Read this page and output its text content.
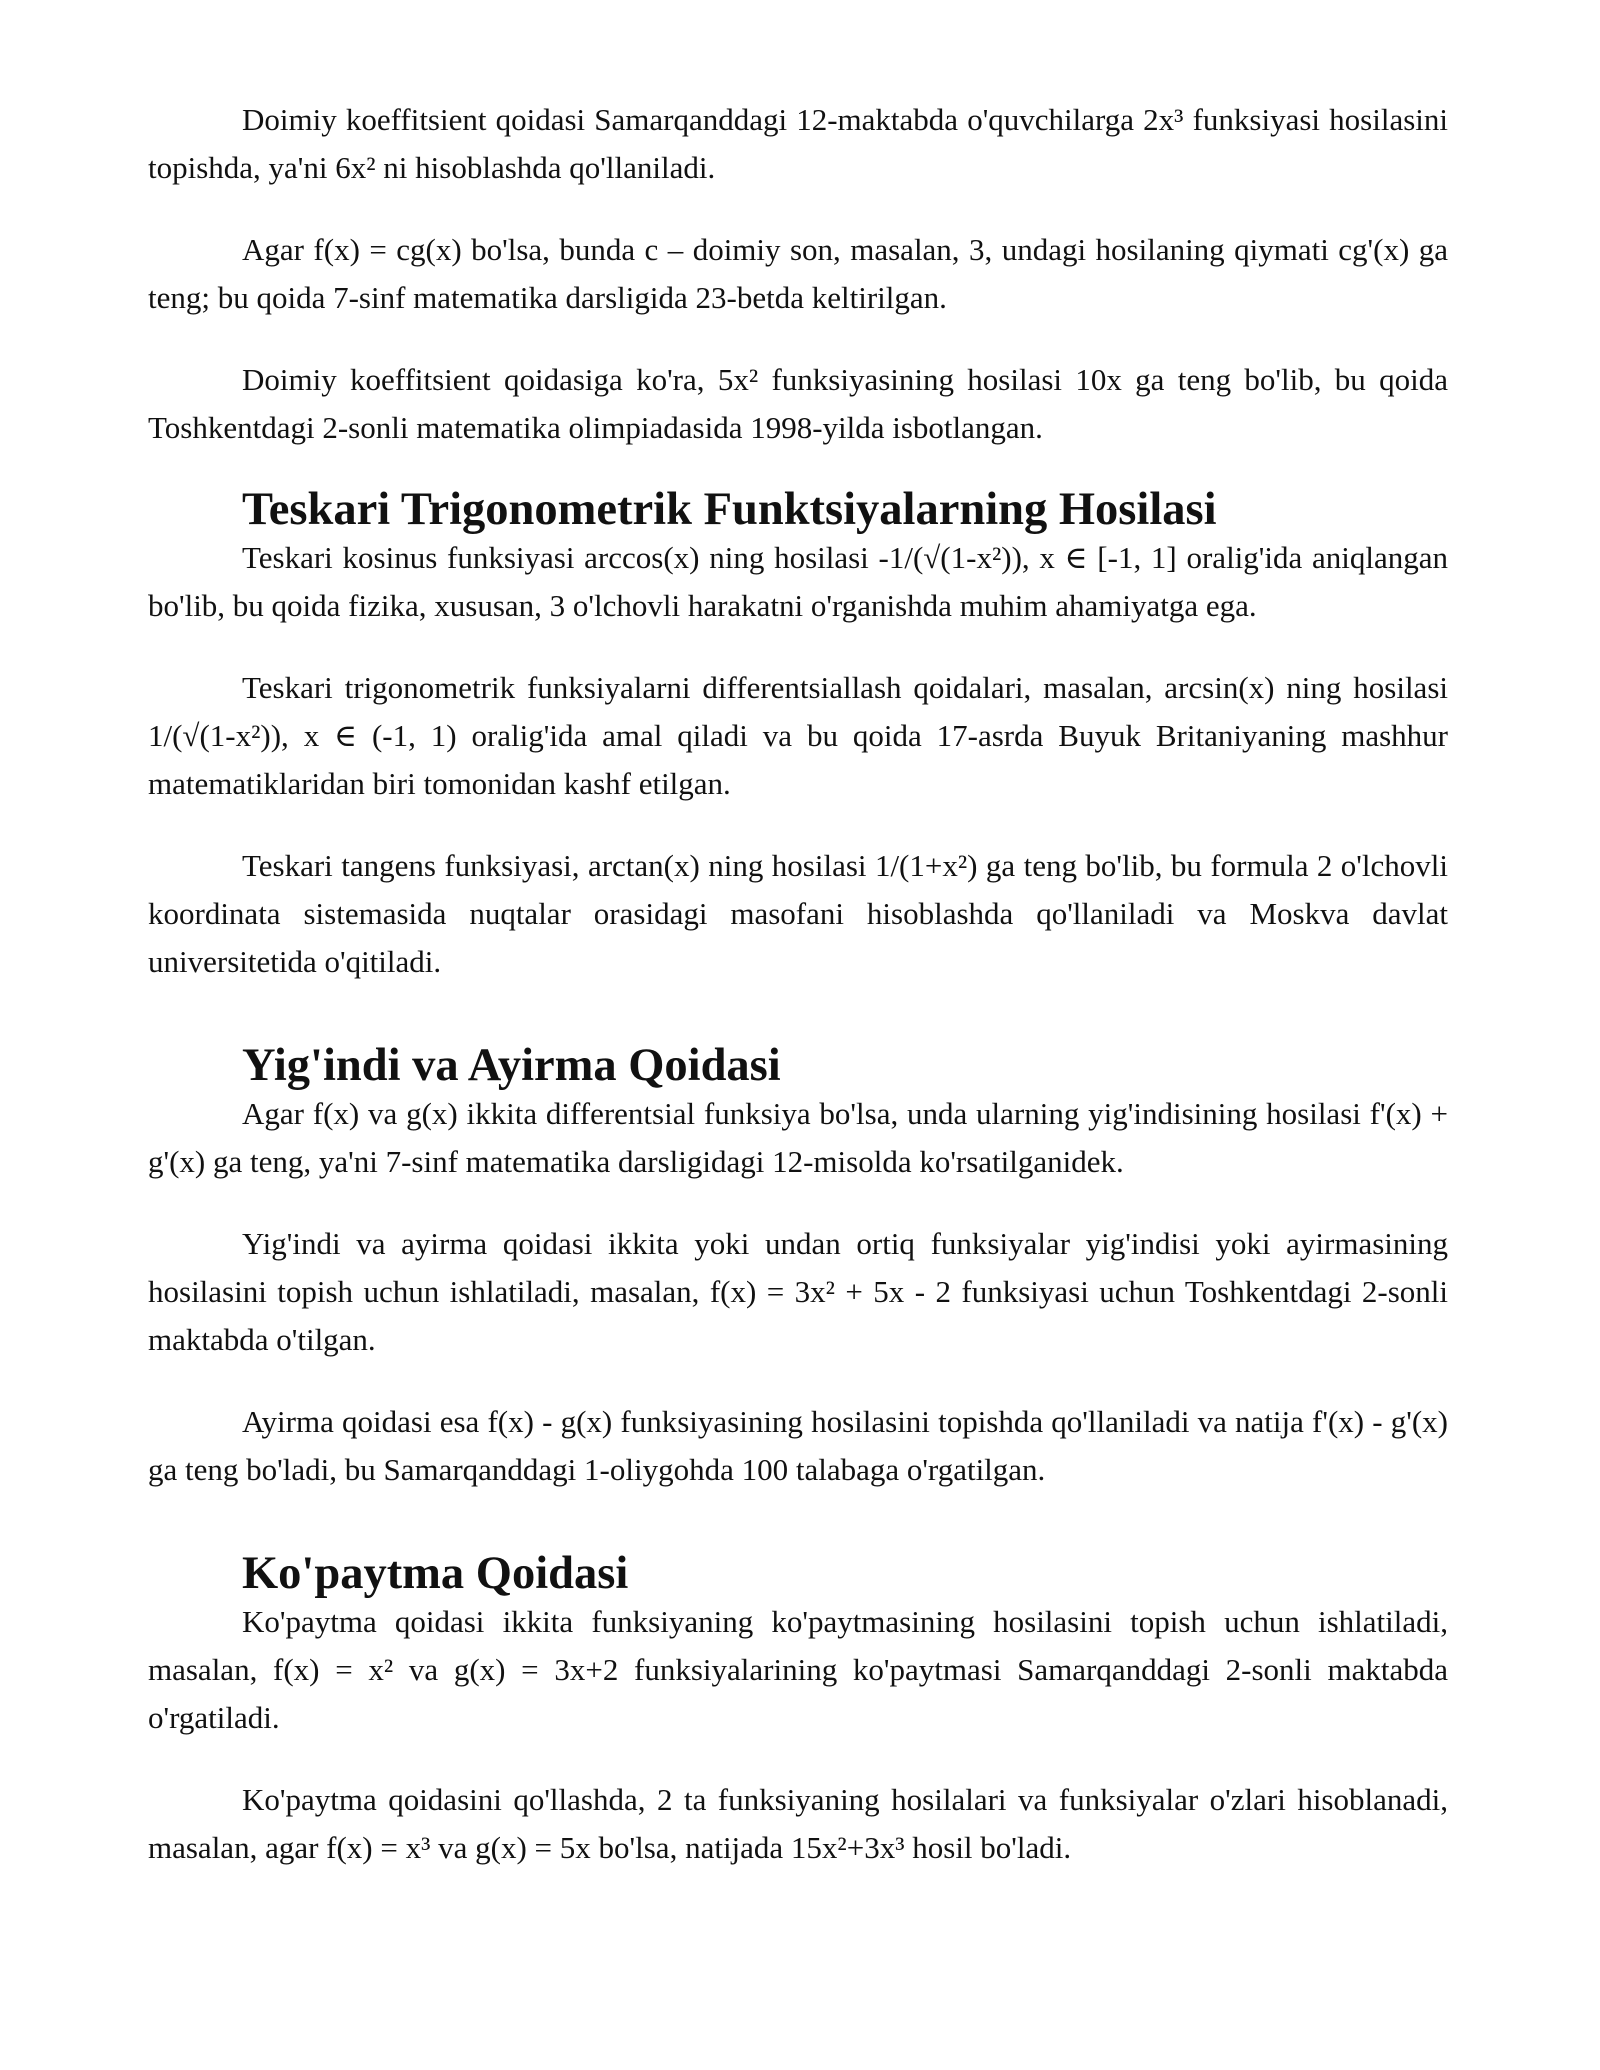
Doimiy koeffitsient qoidasi Samarqanddagi 12-maktabda o'quvchilarga 2x³ funksiyasi hosilasini topishda, ya'ni 6x² ni hisoblashda qo'llaniladi.

Agar f(x) = cg(x) bo'lsa, bunda c – doimiy son, masalan, 3, undagi hosilaning qiymati cg'(x) ga teng; bu qoida 7-sinf matematika darsligida 23-betda keltirilgan.

Doimiy koeffitsient qoidasiga ko'ra, 5x² funksiyasining hosilasi 10x ga teng bo'lib, bu qoida Toshkentdagi 2-sonli matematika olimpiadasida 1998-yilda isbotlangan.

Teskari Trigonometrik Funktsiyalarning Hosilasi

Teskari kosinus funksiyasi arccos(x) ning hosilasi -1/(√(1-x²)), x ∈ [-1, 1] oralig'ida aniqlangan bo'lib, bu qoida fizika, xususan, 3 o'lchovli harakatni o'rganishda muhim ahamiyatga ega.

Teskari trigonometrik funksiyalarni differentsiallash qoidalari, masalan, arcsin(x) ning hosilasi 1/(√(1-x²)), x ∈ (-1, 1) oralig'ida amal qiladi va bu qoida 17-asrda Buyuk Britaniyaning mashhur matematiklaridan biri tomonidan kashf etilgan.

Teskari tangens funksiyasi, arctan(x) ning hosilasi 1/(1+x²) ga teng bo'lib, bu formula 2 o'lchovli koordinata sistemasida nuqtalar orasidagi masofani hisoblashda qo'llaniladi va Moskva davlat universitetida o'qitiladi.

Yig'indi va Ayirma Qoidasi

Agar f(x) va g(x) ikkita differentsial funksiya bo'lsa, unda ularning yig'indisining hosilasi f'(x) + g'(x) ga teng, ya'ni 7-sinf matematika darsligidagi 12-misolda ko'rsatilganidek.

Yig'indi va ayirma qoidasi ikkita yoki undan ortiq funksiyalar yig'indisi yoki ayirmasining hosilasini topish uchun ishlatiladi, masalan, f(x) = 3x² + 5x - 2 funksiyasi uchun Toshkentdagi 2-sonli maktabda o'tilgan.

Ayirma qoidasi esa f(x) - g(x) funksiyasining hosilasini topishda qo'llaniladi va natija f'(x) - g'(x) ga teng bo'ladi, bu Samarqanddagi 1-oliygohda 100 talabaga o'rgatilgan.

Ko'paytma Qoidasi

Ko'paytma qoidasi ikkita funksiyaning ko'paytmasining hosilasini topish uchun ishlatiladi, masalan, f(x) = x² va g(x) = 3x+2 funksiyalarining ko'paytmasi Samarqanddagi 2-sonli maktabda o'rgatiladi.

Ko'paytma qoidasini qo'llashda, 2 ta funksiyaning hosilalari va funksiyalar o'zlari hisoblanadi, masalan, agar f(x) = x³ va g(x) = 5x bo'lsa, natijada 15x²+3x³ hosil bo'ladi.
